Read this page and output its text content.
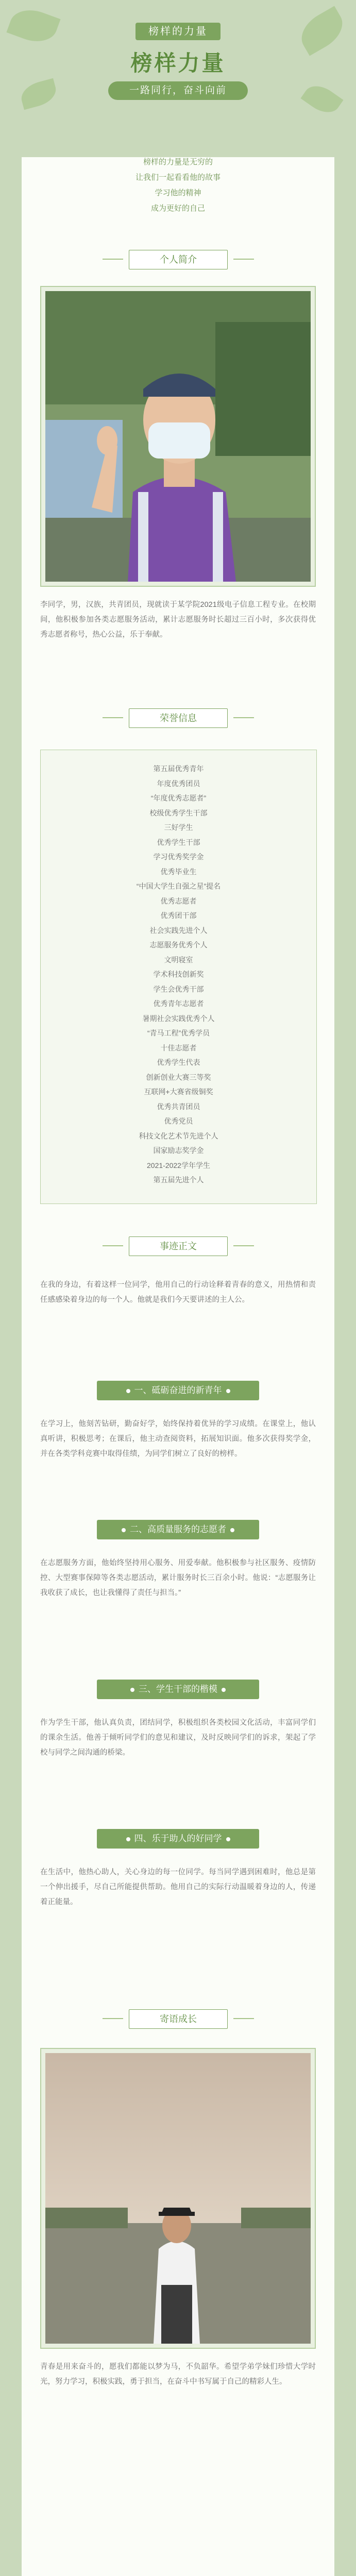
榜样的力量
榜样力量
一路同行，奋斗向前
榜样的力量是无穷的
让我们一起看看他的故事
学习他的精神
成为更好的自己
个人简介
李同学，男，汉族，共青团员，现就读于某学院2021级电子信息工程专业。在校期间，他积极参加各类志愿服务活动，累计志愿服务时长超过三百小时，多次获得优秀志愿者称号，热心公益，乐于奉献。
荣誉信息
第五届优秀青年
年度优秀团员
“年度优秀志愿者”
校级优秀学生干部
三好学生
优秀学生干部
学习优秀奖学金
优秀毕业生
“中国大学生自强之星”提名
优秀志愿者
优秀团干部
社会实践先进个人
志愿服务优秀个人
文明寝室
学术科技创新奖
学生会优秀干部
优秀青年志愿者
暑期社会实践优秀个人
“青马工程”优秀学员
十佳志愿者
优秀学生代表
创新创业大赛三等奖
互联网+大赛省级铜奖
优秀共青团员
优秀党员
科技文化艺术节先进个人
国家励志奖学金
2021-2022学年学生
第五届先进个人
事迹正文
在我的身边，有着这样一位同学，他用自己的行动诠释着青春的意义，用热情和责任感感染着身边的每一个人。他就是我们今天要讲述的主人公。
一、砥砺奋进的新青年
在学习上，他刻苦钻研，勤奋好学，始终保持着优异的学习成绩。在课堂上，他认真听讲，积极思考；在课后，他主动查阅资料，拓展知识面。他多次获得奖学金，并在各类学科竞赛中取得佳绩，为同学们树立了良好的榜样。
二、高质量服务的志愿者
在志愿服务方面，他始终坚持用心服务、用爱奉献。他积极参与社区服务、疫情防控、大型赛事保障等各类志愿活动，累计服务时长三百余小时。他说：“志愿服务让我收获了成长，也让我懂得了责任与担当。”
三、学生干部的楷模
作为学生干部，他认真负责，团结同学，积极组织各类校园文化活动，丰富同学们的课余生活。他善于倾听同学们的意见和建议，及时反映同学们的诉求，架起了学校与同学之间沟通的桥梁。
四、乐于助人的好同学
在生活中，他热心助人，关心身边的每一位同学。每当同学遇到困难时，他总是第一个伸出援手，尽自己所能提供帮助。他用自己的实际行动温暖着身边的人，传递着正能量。
寄语成长
青春是用来奋斗的，愿我们都能以梦为马，不负韶华。希望学弟学妹们珍惜大学时光，努力学习，积极实践，勇于担当，在奋斗中书写属于自己的精彩人生。
